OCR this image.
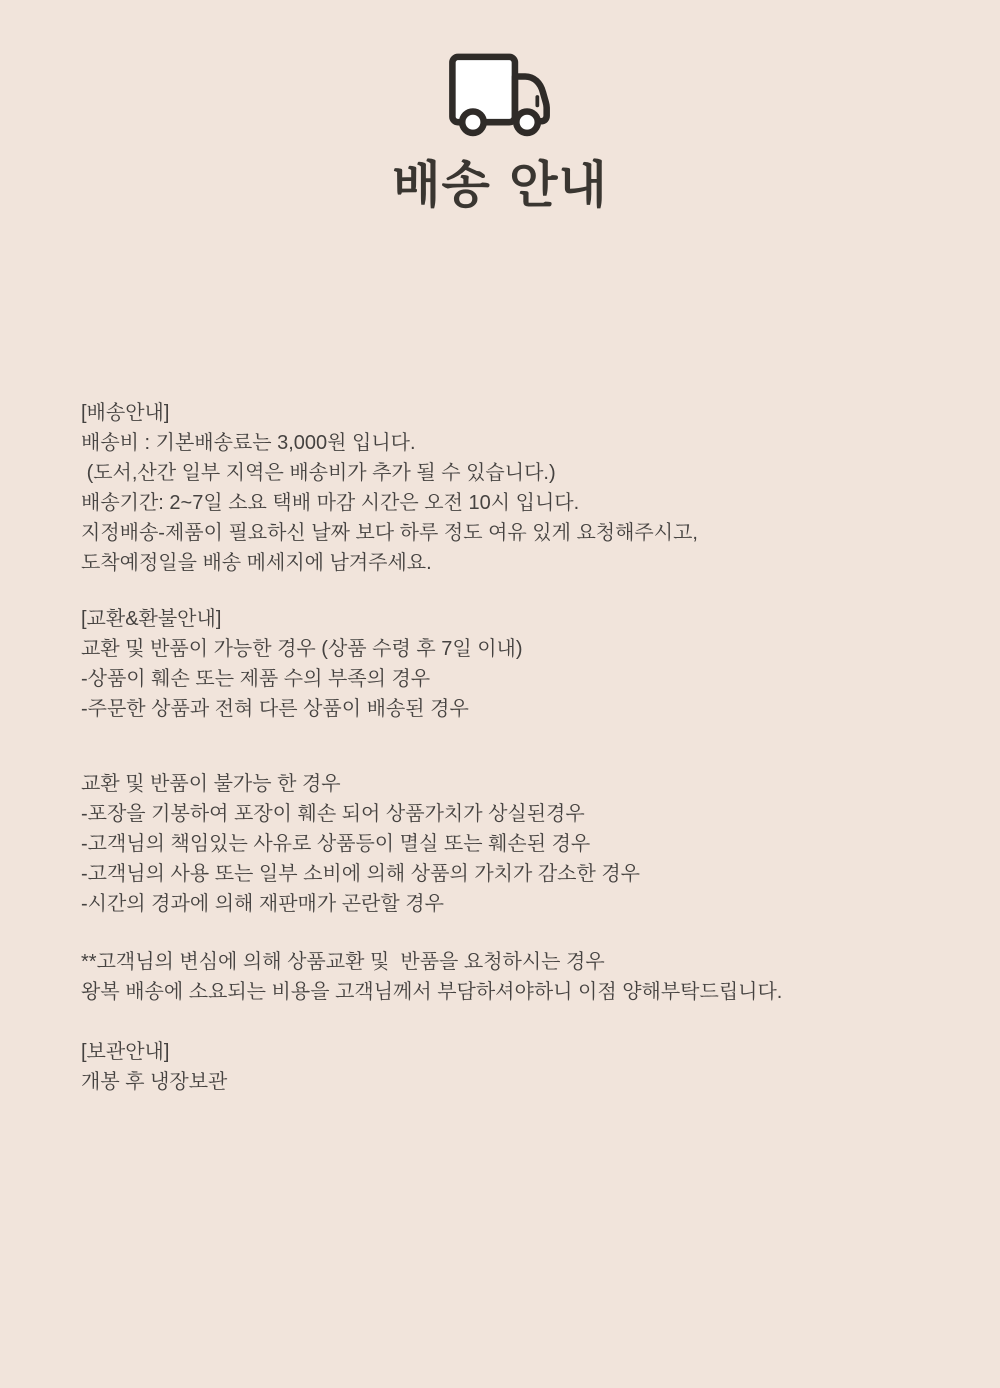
배송 안내
[배송안내]
배송비 : 기본배송료는 3,000원 입니다.
(도서,산간 일부 지역은 배송비가 추가 될 수 있습니다.)
배송기간: 2~7일 소요 택배 마감 시간은 오전 10시 입니다.
지정배송-제품이 필요하신 날짜 보다 하루 정도 여유 있게 요청해주시고,
도착예정일을 배송 메세지에 남겨주세요.
[교환&환불안내]
교환 및 반품이 가능한 경우 (상품 수령 후 7일 이내)
-상품이 훼손 또는 제품 수의 부족의 경우
-주문한 상품과 전혀 다른 상품이 배송된 경우
교환 및 반품이 불가능 한 경우
-포장을 기봉하여 포장이 훼손 되어 상품가치가 상실된경우
-고객님의 책임있는 사유로 상품등이 멸실 또는 훼손된 경우
-고객님의 사용 또는 일부 소비에 의해 상품의 가치가 감소한 경우
-시간의 경과에 의해 재판매가 곤란할 경우
**고객님의 변심에 의해 상품교환 및  반품을 요청하시는 경우
왕복 배송에 소요되는 비용을 고객님께서 부담하셔야하니 이점 양해부탁드립니다.
[보관안내]
개봉 후 냉장보관
